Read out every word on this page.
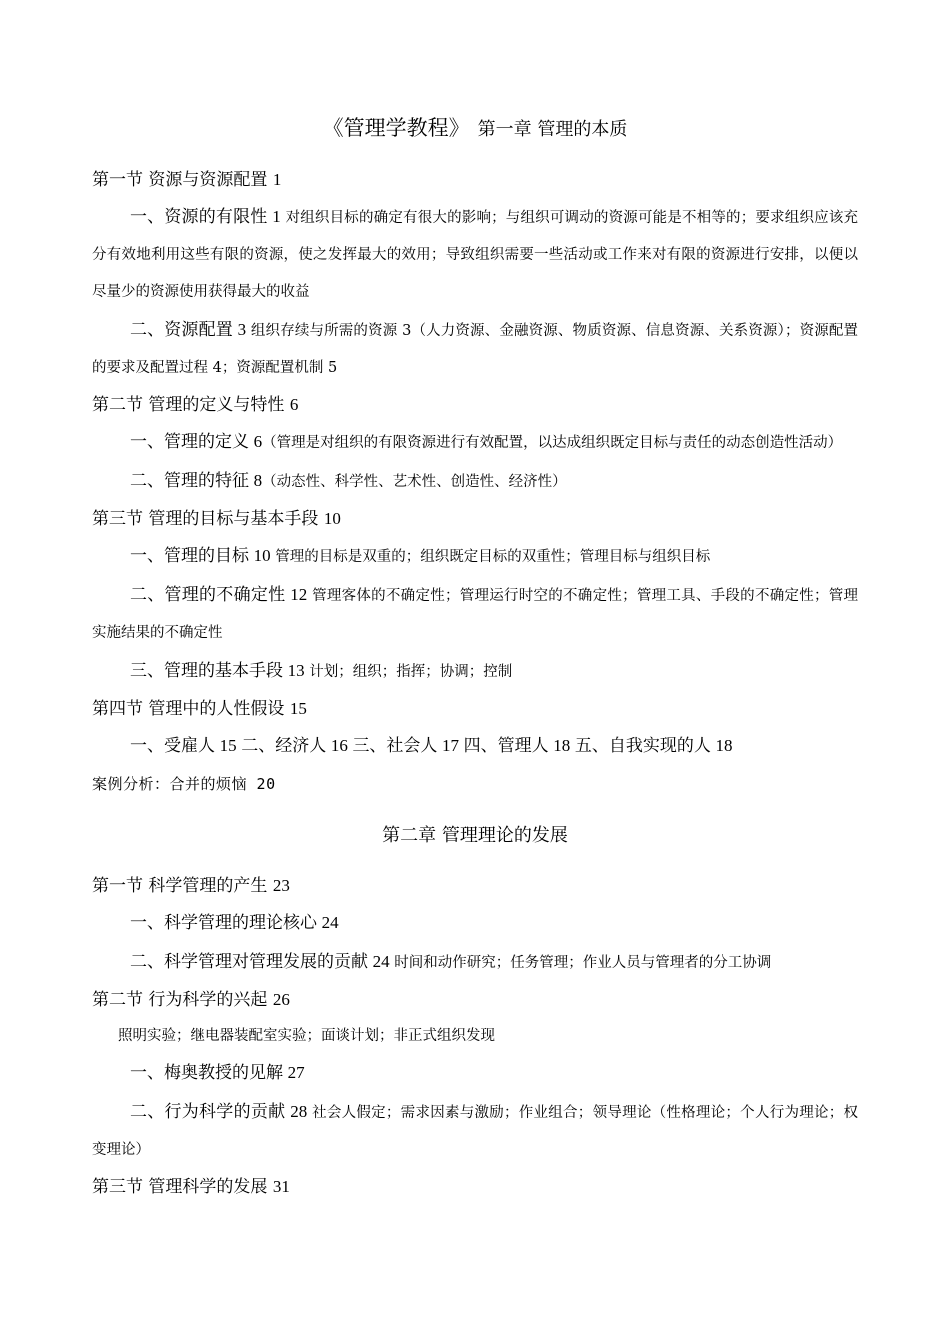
《管理学教程》 第一章 管理的本质
第一节 资源与资源配置 1
一、资源的有限性 1 对组织目标的确定有很大的影响；与组织可调动的资源可能是不相等的；要求组织应该充分有效地利用这些有限的资源，使之发挥最大的效用；导致组织需要一些活动或工作来对有限的资源进行安排，以便以尽量少的资源使用获得最大的收益
二、资源配置 3 组织存续与所需的资源 3（人力资源、金融资源、物质资源、信息资源、关系资源）；资源配置的要求及配置过程 4；资源配置机制 5
第二节 管理的定义与特性 6
一、管理的定义 6（管理是对组织的有限资源进行有效配置，以达成组织既定目标与责任的动态创造性活动）
二、管理的特征 8（动态性、科学性、艺术性、创造性、经济性）
第三节 管理的目标与基本手段 10
一、管理的目标 10 管理的目标是双重的；组织既定目标的双重性；管理目标与组织目标
二、管理的不确定性 12 管理客体的不确定性；管理运行时空的不确定性；管理工具、手段的不确定性；管理实施结果的不确定性
三、管理的基本手段 13 计划；组织；指挥；协调；控制
第四节 管理中的人性假设 15
一、受雇人 15 二、经济人 16 三、社会人 17 四、管理人 18 五、自我实现的人 18
案例分析：合并的烦恼 20
第二章 管理理论的发展
第一节 科学管理的产生 23
一、科学管理的理论核心 24
二、科学管理对管理发展的贡献 24 时间和动作研究；任务管理；作业人员与管理者的分工协调
第二节 行为科学的兴起 26
照明实验；继电器装配室实验；面谈计划；非正式组织发现
一、梅奥教授的见解 27
二、行为科学的贡献 28 社会人假定；需求因素与激励；作业组合；领导理论（性格理论；个人行为理论；权变理论）
第三节 管理科学的发展 31
